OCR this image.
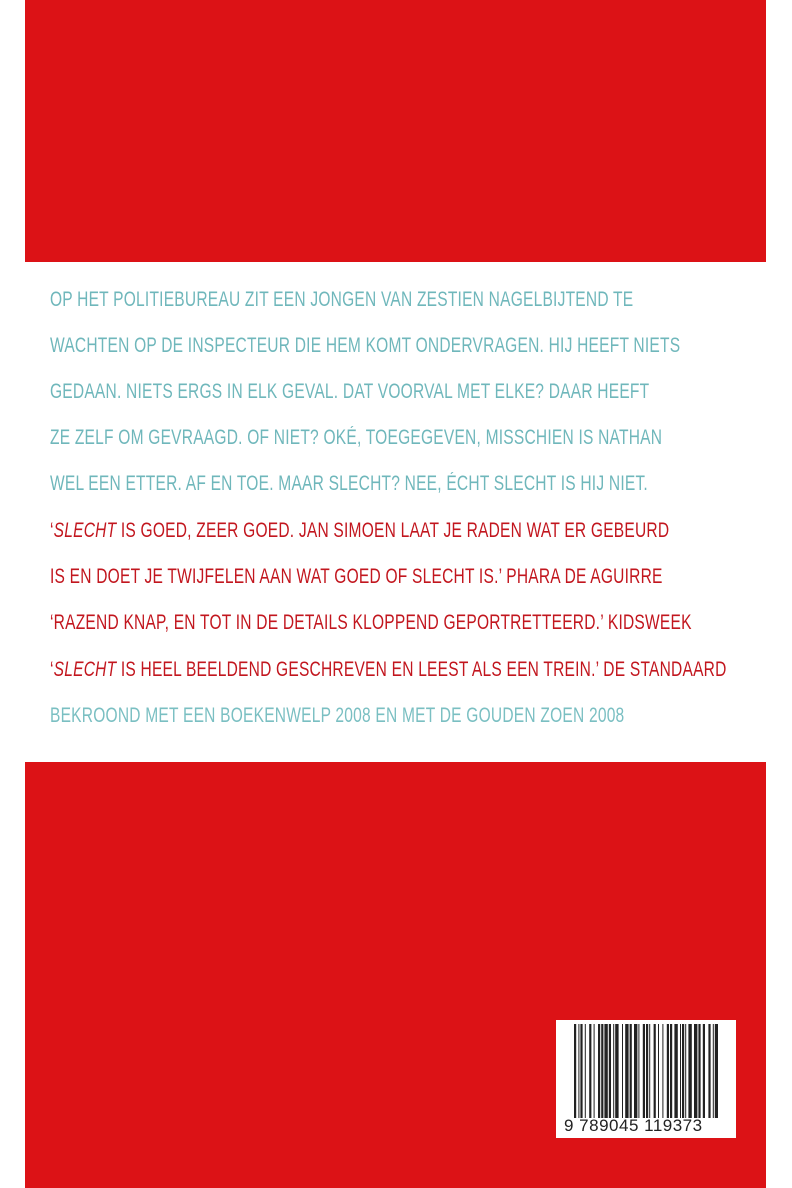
OP HET POLITIEBUREAU ZIT EEN JONGEN VAN ZESTIEN NAGELBIJTEND TE
WACHTEN OP DE INSPECTEUR DIE HEM KOMT ONDERVRAGEN. HIJ HEEFT NIETS
GEDAAN. NIETS ERGS IN ELK GEVAL. DAT VOORVAL MET ELKE? DAAR HEEFT
ZE ZELF OM GEVRAAGD. OF NIET? OKÉ, TOEGEGEVEN, MISSCHIEN IS NATHAN
WEL EEN ETTER. AF EN TOE. MAAR SLECHT? NEE, ÉCHT SLECHT IS HIJ NIET.
‘SLECHT IS GOED, ZEER GOED. JAN SIMOEN LAAT JE RADEN WAT ER GEBEURD
IS EN DOET JE TWIJFELEN AAN WAT GOED OF SLECHT IS.’ PHARA DE AGUIRRE
‘RAZEND KNAP, EN TOT IN DE DETAILS KLOPPEND GEPORTRETTEERD.’ KIDSWEEK
‘SLECHT IS HEEL BEELDEND GESCHREVEN EN LEEST ALS EEN TREIN.’ DE STANDAARD
BEKROOND MET EEN BOEKENWELP 2008 EN MET DE GOUDEN ZOEN 2008
9 789045 119373
